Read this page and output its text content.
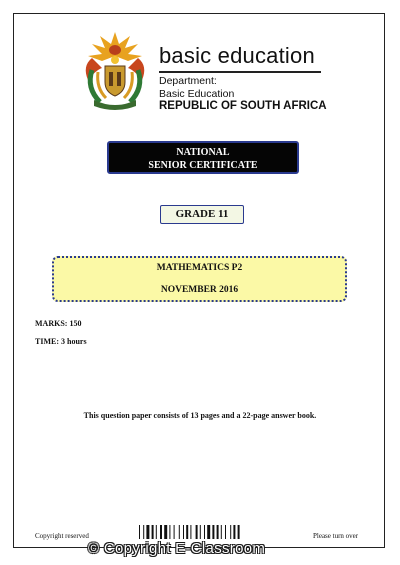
basic education
Department:
Basic Education
REPUBLIC OF SOUTH AFRICA
NATIONAL
SENIOR CERTIFICATE
GRADE 11
MATHEMATICS P2
NOVEMBER 2016
MARKS: 150
TIME: 3 hours
This question paper consists of 13 pages and a 22-page answer book.
Copyright reserved	Please turn over
© Copyright E-Classroom
